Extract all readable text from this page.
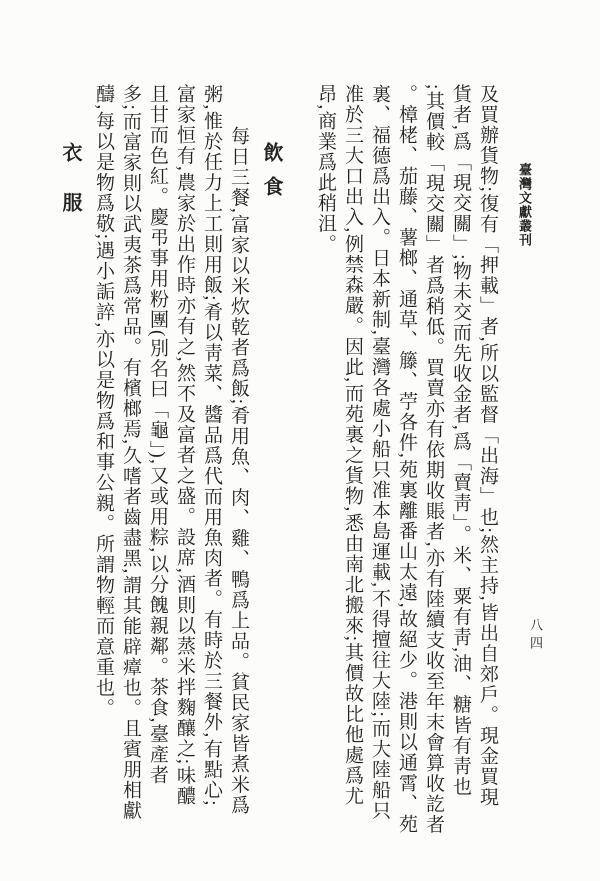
臺灣文獻叢刊
八四
及買辦貨物;復有「押載」者,所以監督「出海」也;然主持,皆出自郊戶。現金買現
貨者,爲「現交關」;物未交而先收金者,爲「賣靑」。米、粟有靑,油、糖皆有靑也
;其價較「現交關」者爲稍低。買賣亦有依期收賬者,亦有陸續支收至年末會算收訖者
。樟栳、茄藤、薯榔、通草、籐、苧各件,苑裏離番山太遠,故絕少。港則以通霄、苑
裏、福德爲出入。日本新制,臺灣各處小船只准本島運載,不得擅往大陸;而大陸船只
准於三大口出入,例禁森嚴。因此,而苑裏之貨物,悉由南北搬來;其價故比他處爲尤
昂,商業爲此稍沮。
飲食
每日三餐,富家以米炊乾者爲飯;肴用魚、肉、雞、鴨爲上品。貧民家皆煮米爲
粥,惟於任力上工則用飯;肴以靑菜、醬品爲代而用魚肉者。有時於三餐外,有點心;
富家恒有,農家於出作時亦有之,然不及富者之盛。設席,酒則以蒸米拌麴釀之;味醲
且甘而色紅。慶弔事用粉團(別名曰「龜」),又或用粽,以分餽親鄰。茶食,臺產者
多;而富家則以武夷茶爲常品。有檳榔焉,久嗜者齒盡黑,謂其能辟瘴也。且賓朋相獻
醻,每以是物爲敬;遇小詬誶,亦以是物爲和事公親。所謂物輕而意重也。
衣服
